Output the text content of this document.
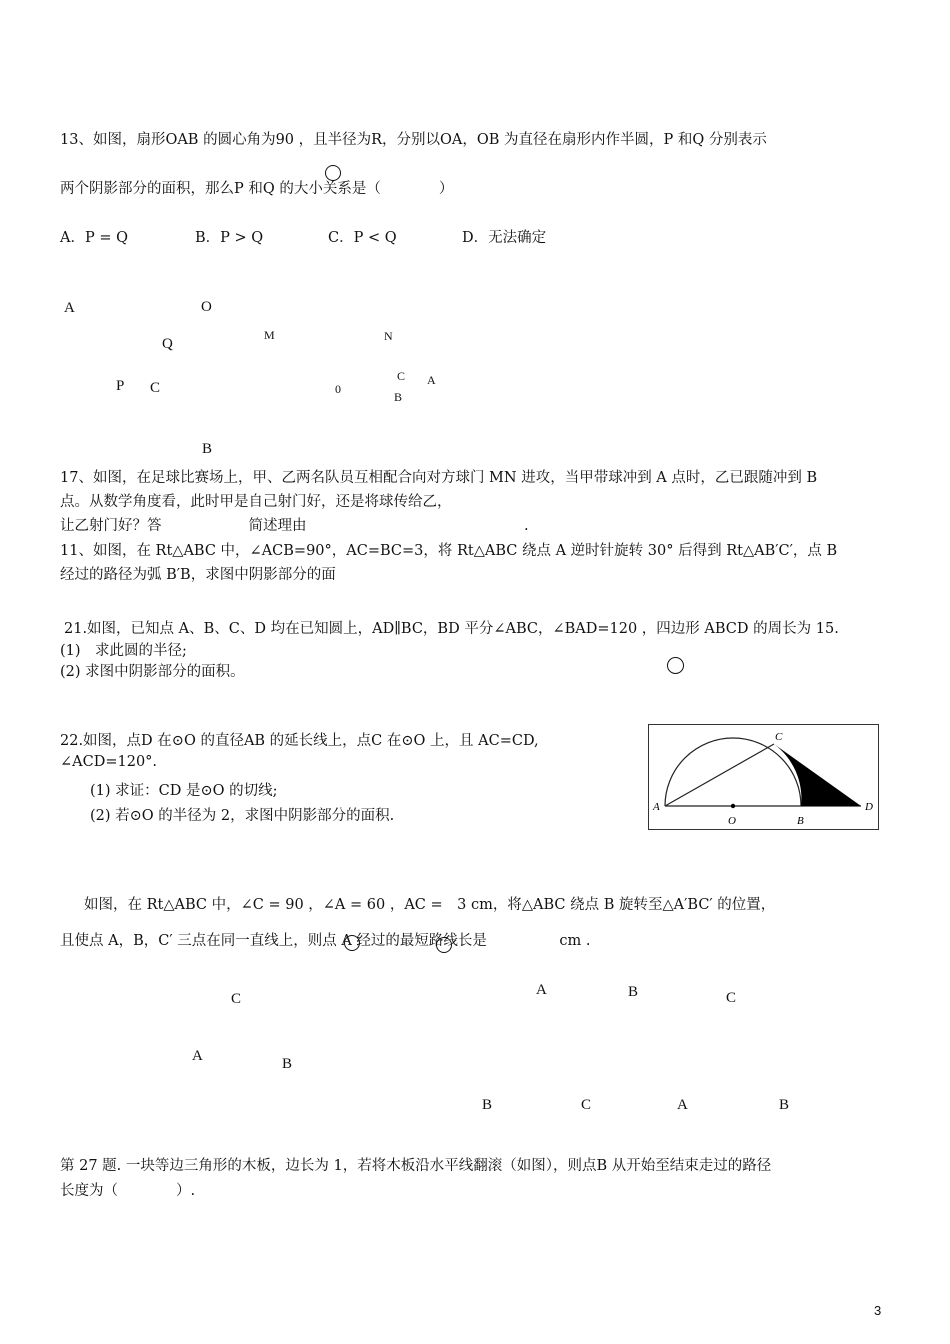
13、如图，扇形OAB 的圆心角为90 ，且半径为R，分别以OA，OB 为直径在扇形内作半圆，P 和Q 分别表示
两个阴影部分的面积，那么P 和Q 的大小关系是（　　　　）
A．P = Q	B．P > Q	C．P < Q	D．无法确定
A	O
Q
P C
B
M	N
C A
0
B
17、如图，在足球比赛场上，甲、乙两名队员互相配合向对方球门 MN 进攻，当甲带球冲到 A 点时，乙已跟随冲到 B
点。从数学角度看，此时甲是自己射门好，还是将球传给乙，
让乙射门好？答　　　　　　简述理由　　　　　　　　　　　　　　　.
11、如图，在 Rt△ABC 中，∠ACB=90°，AC=BC=3，将 Rt△ABC 绕点 A 逆时针旋转 30° 后得到 Rt△AB′C′，点 B
经过的路径为弧 B′B，求图中阴影部分的面
21.如图，已知点 A、B、C、D 均在已知圆上，AD∥BC，BD 平分∠ABC，∠BAD=120 ，四边形 ABCD 的周长为 15.
(1)　求此圆的半径;
(2) 求图中阴影部分的面积。
22.如图，点D 在⊙O 的直径AB 的延长线上，点C 在⊙O 上，且 AC=CD,
∠ACD=120°.
(1) 求证：CD 是⊙O 的切线;
(2) 若⊙O 的半径为 2，求图中阴影部分的面积.
C
A
O	B
D
如图，在 Rt△ABC 中，∠C = 90 ，∠A = 60 ，AC =　3 cm，将△ABC 绕点 B 旋转至△A′BC′ 的位置，
且使点 A，B，C′ 三点在同一直线上，则点 A 经过的最短路线长是　　　　　cm .
C
A	B
A	B	C
B	C	A	B
第 27 题. 一块等边三角形的木板，边长为 1，若将木板沿水平线翻滚（如图），则点B 从开始至结束走过的路径
长度为（　　　　）.
3
